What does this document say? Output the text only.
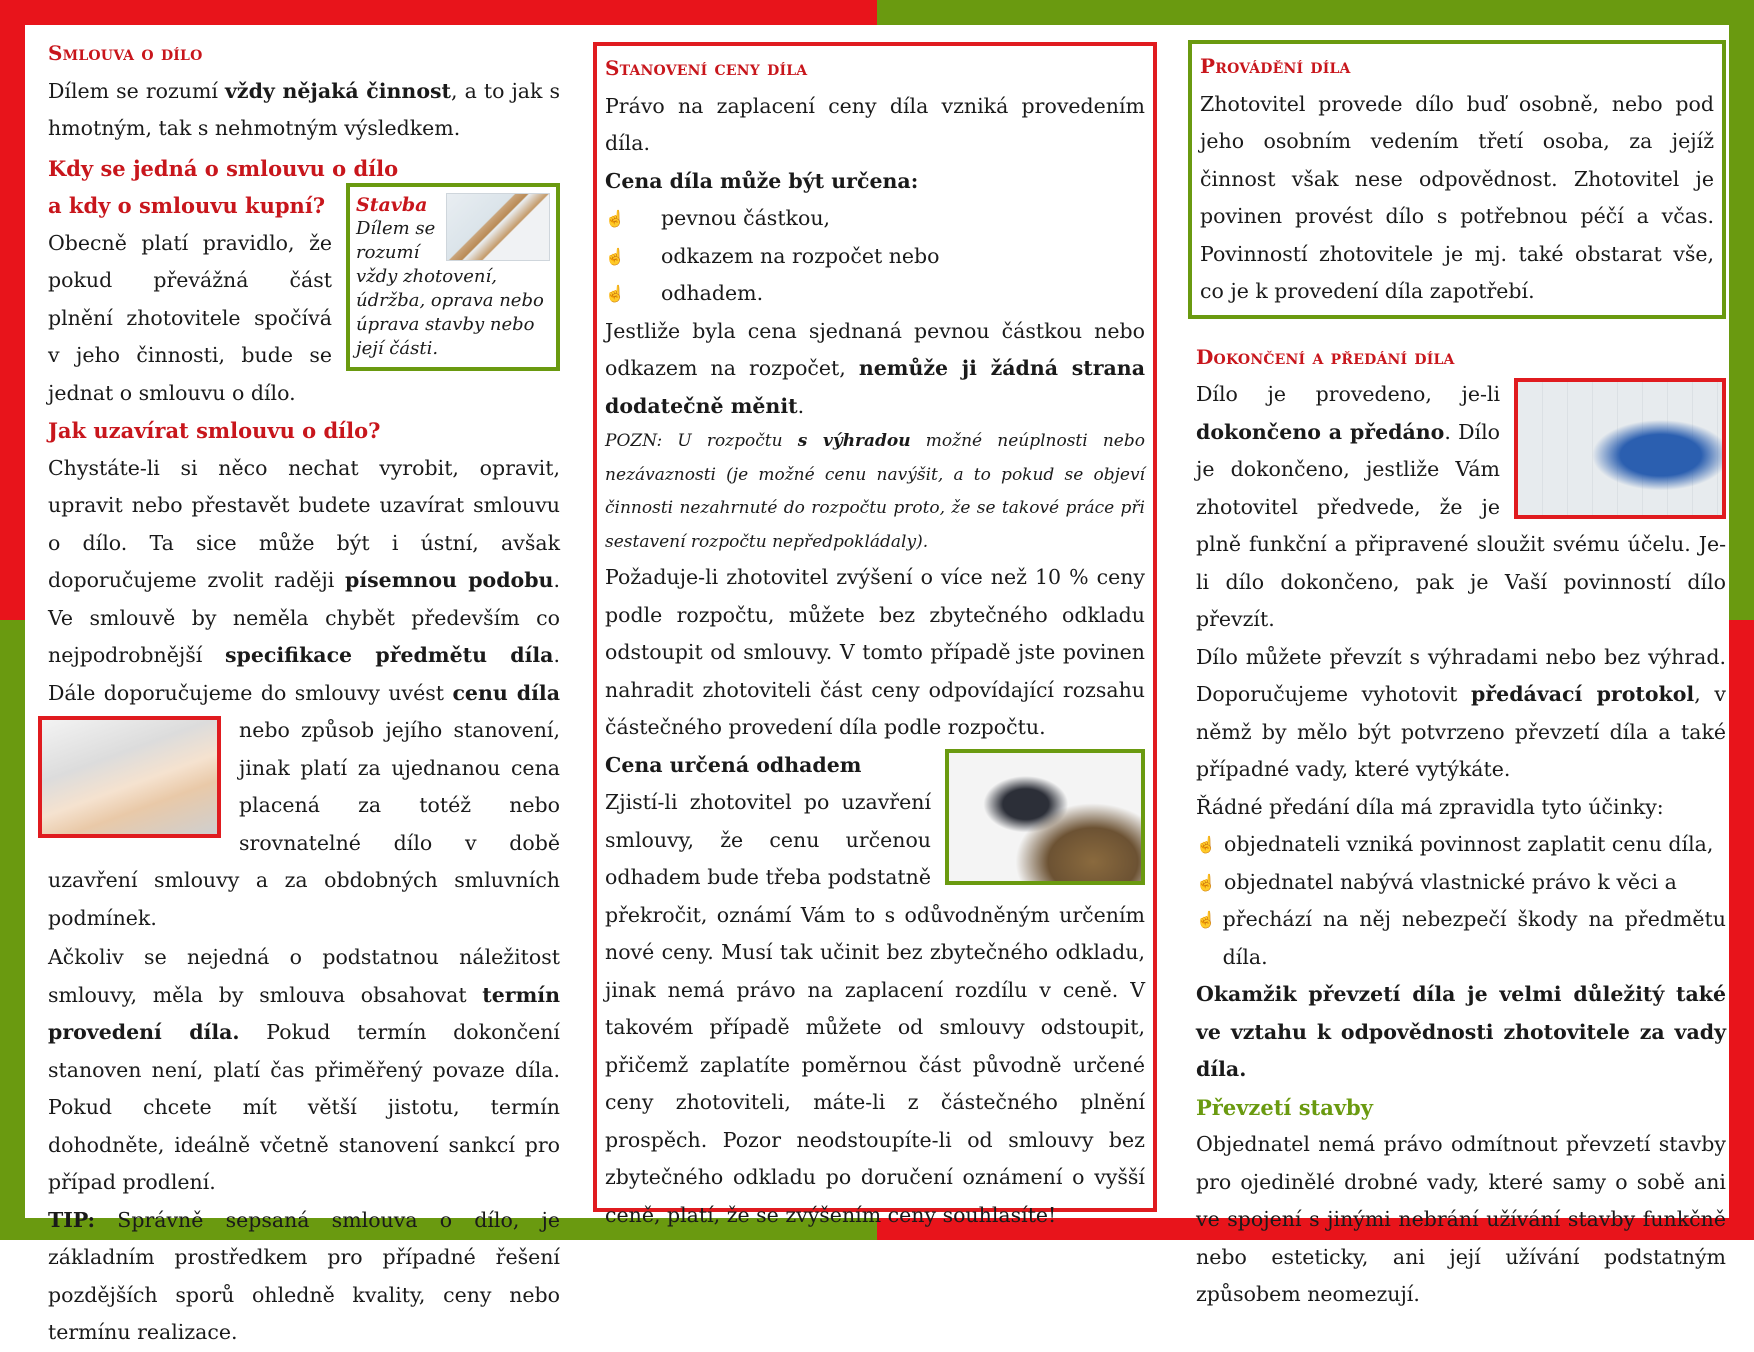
Smlouva o dílo

Dílem se rozumí vždy nějaká činnost, a to jak s hmotným, tak s nehmotným výsledkem.

Kdy se jedná o smlouvu o dílo
Stavba
Dílem se rozumí vždy zhotovení, údržba, oprava nebo úprava stavby nebo její části.
a kdy o smlouvu kupní?

Obecně platí pravidlo, že pokud převážná část plnění zhotovitele spočívá v jeho činnosti, bude se jednat o smlouvu o dílo.

Jak uzavírat smlouvu o dílo?

Chystáte-li si něco nechat vyrobit, opravit, upravit nebo přestavět budete uzavírat smlouvu o dílo. Ta sice může být i ústní, avšak doporučujeme zvolit raději písemnou podobu. Ve smlouvě by neměla chybět především co nejpodrobnější specifikace předmětu díla. Dále doporučujeme do smlouvy uvést cenu díla
nebo způsob jejího stanovení, jinak platí za ujednanou cena placená za totéž nebo srovnatelné dílo v době uzavření smlouvy a za obdobných smluvních podmínek.

Ačkoliv se nejedná o podstatnou náležitost smlouvy, měla by smlouva obsahovat termín provedení díla. Pokud termín dokončení stanoven není, platí čas přiměřený povaze díla. Pokud chcete mít větší jistotu, termín dohodněte, ideálně včetně stanovení sankcí pro případ prodlení.

TIP: Správně sepsaná smlouva o dílo, je základním prostředkem pro případné řešení pozdějších sporů ohledně kvality, ceny nebo termínu realizace.

Stanovení ceny díla

Právo na zaplacení ceny díla vzniká provedením díla.

Cena díla může být určena:

☝	pevnou částkou,
☝	odkazem na rozpočet nebo
☝	odhadem.

Jestliže byla cena sjednaná pevnou částkou nebo odkazem na rozpočet, nemůže ji žádná strana dodatečně měnit.

POZN: U rozpočtu s výhradou možné neúplnosti nebo nezávaznosti (je možné cenu navýšit, a to pokud se objeví činnosti nezahrnuté do rozpočtu proto, že se takové práce při sestavení rozpočtu nepředpokládaly).

Požaduje-li zhotovitel zvýšení o více než 10 % ceny podle rozpočtu, můžete bez zbytečného odkladu odstoupit od smlouvy. V tomto případě jste povinen nahradit zhotoviteli část ceny odpovídající rozsahu částečného provedení díla podle rozpočtu.

Cena určená odhadem

Zjistí-li zhotovitel po uzavření smlouvy, že cenu určenou odhadem bude třeba podstatně překročit, oznámí Vám to s odůvodněným určením nové ceny. Musí tak učinit bez zbytečného odkladu, jinak nemá právo na zaplacení rozdílu v ceně. V takovém případě můžete od smlouvy odstoupit, přičemž zaplatíte poměrnou část původně určené ceny zhotoviteli, máte-li z částečného plnění prospěch. Pozor neodstoupíte-li od smlouvy bez zbytečného odkladu po doručení oznámení o vyšší ceně, platí, že se zvýšením ceny souhlasíte!

Provádění díla

Zhotovitel provede dílo buď osobně, nebo pod jeho osobním vedením třetí osoba, za jejíž činnost však nese odpovědnost. Zhotovitel je povinen provést dílo s potřebnou péčí a včas. Povinností zhotovitele je mj. také obstarat vše, co je k provedení díla zapotřebí.

Dokončení a předání díla

Dílo je provedeno, je-li dokončeno a předáno. Dílo je dokončeno, jestliže Vám zhotovitel předvede, že je plně funkční a připravené sloužit svému účelu. Je-li dílo dokončeno, pak je Vaší povinností dílo převzít.

Dílo můžete převzít s výhradami nebo bez výhrad. Doporučujeme vyhotovit předávací protokol, v němž by mělo být potvrzeno převzetí díla a také případné vady, které vytýkáte.

Řádné předání díla má zpravidla tyto účinky:

☝ objednateli vzniká povinnost zaplatit cenu díla,
☝ objednatel nabývá vlastnické právo k věci a
☝ přechází na něj nebezpečí škody na předmětu díla.

Okamžik převzetí díla je velmi důležitý také ve vztahu k odpovědnosti zhotovitele za vady díla.

Převzetí stavby

Objednatel nemá právo odmítnout převzetí stavby pro ojedinělé drobné vady, které samy o sobě ani ve spojení s jinými nebrání užívání stavby funkčně nebo esteticky, ani její užívání podstatným způsobem neomezují.
